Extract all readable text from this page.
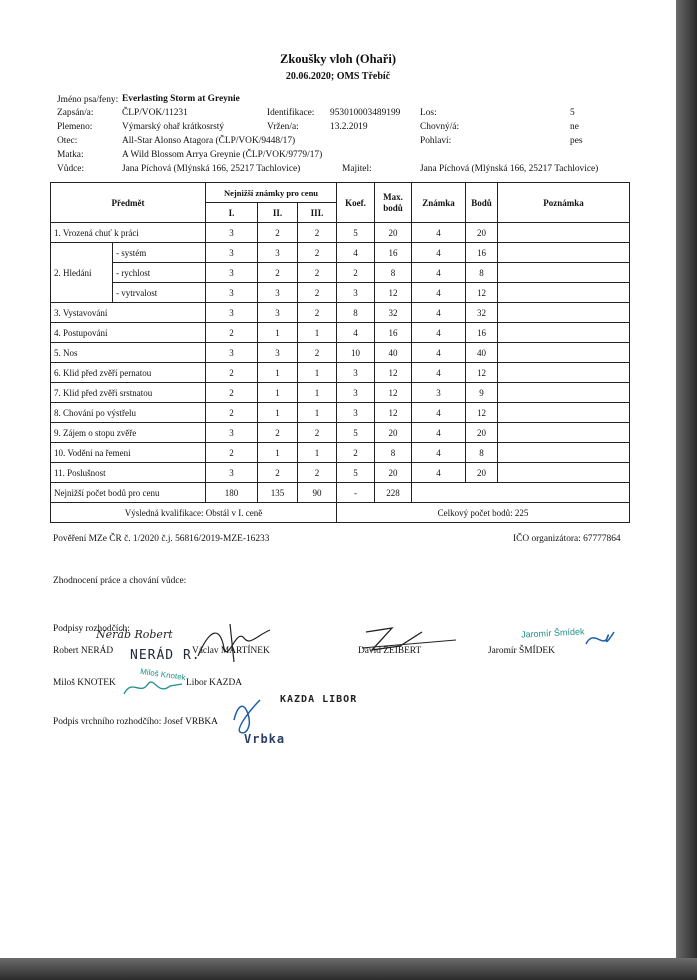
Zkoušky vloh (Ohaři)
20.06.2020; OMS Třebíč
Jméno psa/feny: Everlasting Storm at Greynie
Zapsán/a:	ČLP/VOK/11231	Identifikace: 953010003489199 Los:	5
Plemeno:	Výmarský ohař krátkosrstý	Vržen/a:	13.2.2019	Chovný/á:	ne
Otec:	All-Star Alonso Atagora (ČLP/VOK/9448/17)	Pohlaví:	pes
Matka:	A Wild Blossom Arrya Greynie (ČLP/VOK/9779/17)
Vůdce:	Jana Píchová (Mlýnská 166, 25217 Tachlovice)	Majitel:	Jana Píchová (Mlýnská 166, 25217 Tachlovice)
Předmět		Nejnižší známky pro cenu			Koef.	Max. bodů	Známka	Bodů	Poznámka
		I.	II.	III.					
1. Vrozená chuť k práci		3	2	2	5	20	4	20	
2. Hledání	- systém	3	3	2	4	16	4	16	
	- rychlost	3	2	2	2	8	4	8	
	- vytrvalost	3	3	2	3	12	4	12	
3. Vystavování		3	3	2	8	32	4	32	
4. Postupování		2	1	1	4	16	4	16	
5. Nos		3	3	2	10	40	4	40	
6. Klid před zvěří pernatou		2	1	1	3	12	4	12	
7. Klid před zvěří srstnatou		2	1	1	3	12	3	9	
8. Chování po výstřelu		2	1	1	3	12	4	12	
9. Zájem o stopu zvěře		3	2	2	5	20	4	20	
10. Vodění na řemeni		2	1	1	2	8	4	8	
11. Poslušnost		3	2	2	5	20	4	20	
Nejnižší počet bodů pro cenu		180	135	90	-	228			
Výsledná kvalifikace: Obstál v I. ceně					Celkový počet bodů: 225				
Pověření MZe ČR č. 1/2020 č.j. 56816/2019-MZE-16233	IČO organizátora: 67777864
Zhodnocení práce a chování vůdce:
Podpisy rozhodčích:
Robert NERÁD	Václav MARTÍNEK	David ZEIBERT	Jaromír ŠMÍDEK
Miloš KNOTEK	Libor KAZDA
Podpis vrchního rozhodčího: Josef VRBKA
NERÁD R.
Jaromír Šmídek
Miloš Knotek
KAZDA LIBOR
Vrbka
Neráb Robert
